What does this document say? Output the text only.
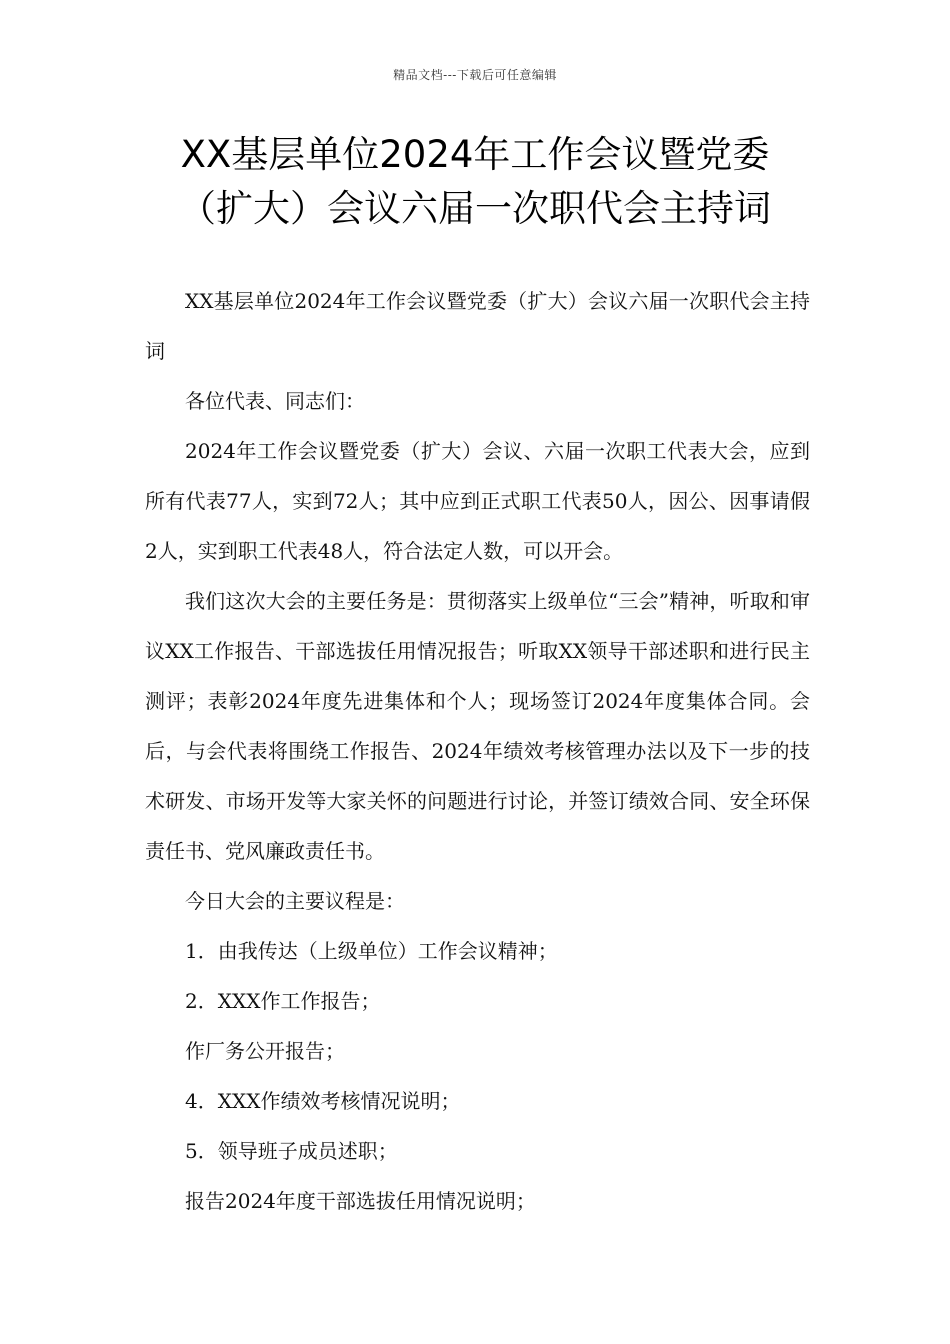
精品文档---下载后可任意编辑
XX基层单位2024年工作会议暨党委
（扩大）会议六届一次职代会主持词

XX基层单位2024年工作会议暨党委（扩大）会议六届一次职代会主持词

各位代表、同志们：

2024年工作会议暨党委（扩大）会议、六届一次职工代表大会，应到所有代表77人，实到72人；其中应到正式职工代表50人，因公、因事请假2人，实到职工代表48人，符合法定人数，可以开会。

我们这次大会的主要任务是：贯彻落实上级单位“三会”精神，听取和审议XX工作报告、干部选拔任用情况报告；听取XX领导干部述职和进行民主测评；表彰2024年度先进集体和个人；现场签订2024年度集体合同。会后，与会代表将围绕工作报告、2024年绩效考核管理办法以及下一步的技术研发、市场开发等大家关怀的问题进行讨论，并签订绩效合同、安全环保责任书、党风廉政责任书。

今日大会的主要议程是：

1．由我传达（上级单位）工作会议精神；

2．XXX作工作报告；

作厂务公开报告；

4．XXX作绩效考核情况说明；

5．领导班子成员述职；

报告2024年度干部选拔任用情况说明；
